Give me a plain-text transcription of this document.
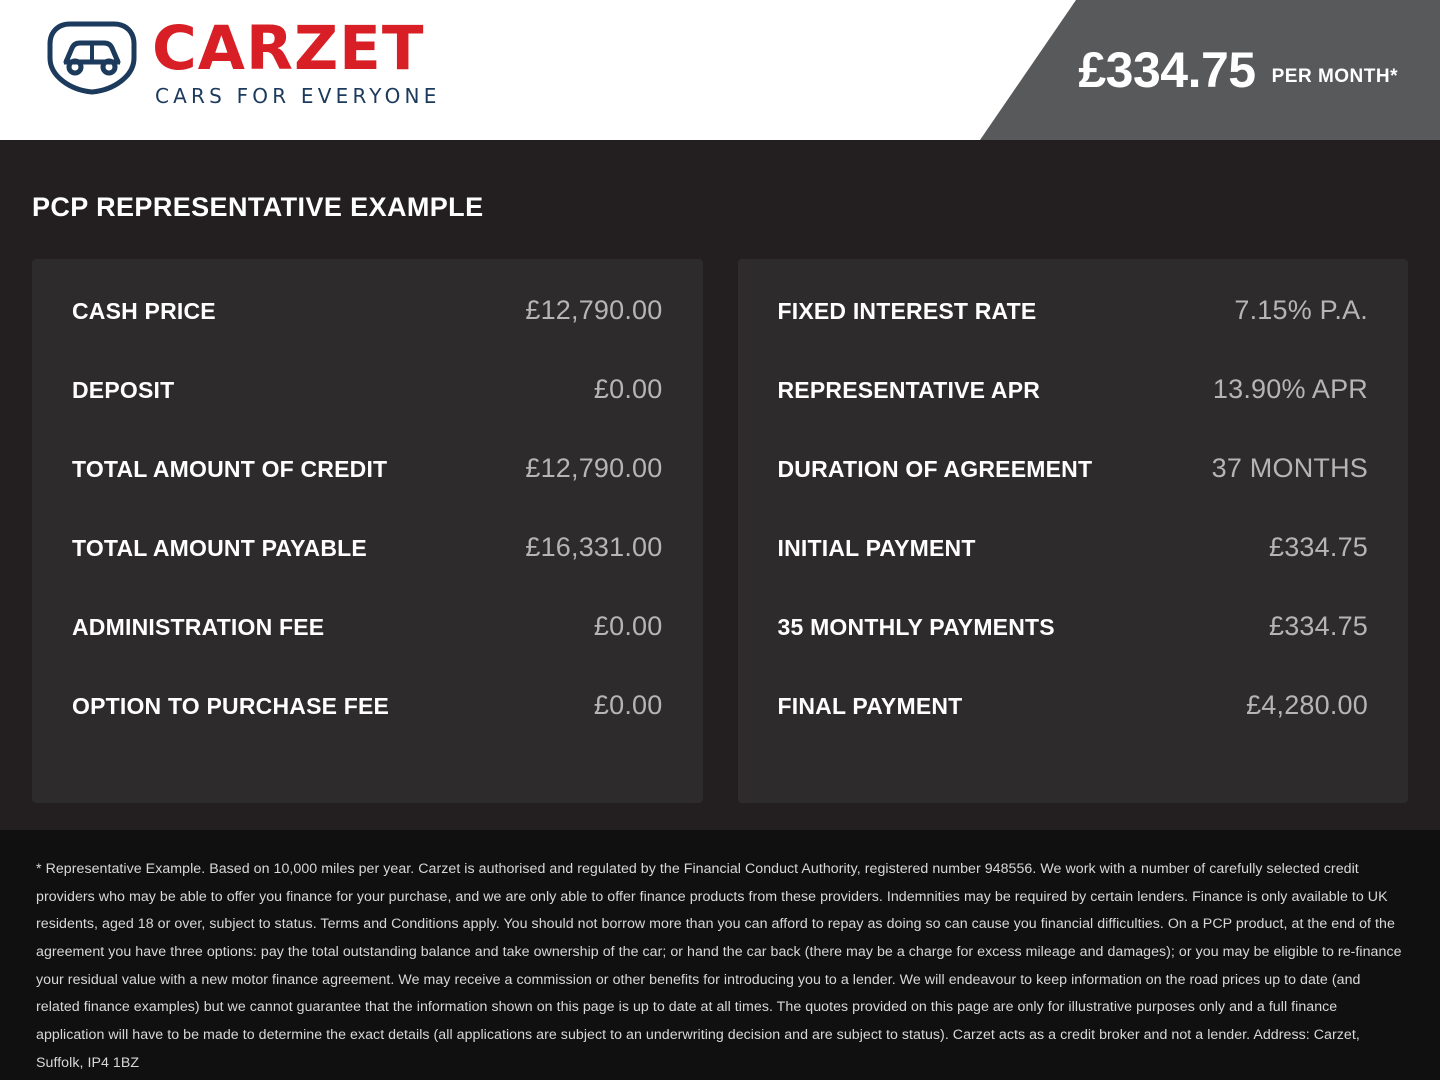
CARZET
CARS FOR EVERYONE	£334.75 PER MONTH*
PCP REPRESENTATIVE EXAMPLE
CASH PRICE	£12,790.00
DEPOSIT	£0.00
TOTAL AMOUNT OF CREDIT	£12,790.00
TOTAL AMOUNT PAYABLE	£16,331.00
ADMINISTRATION FEE	£0.00
OPTION TO PURCHASE FEE	£0.00
FIXED INTEREST RATE	7.15% P.A.
REPRESENTATIVE APR	13.90% APR
DURATION OF AGREEMENT	37 MONTHS
INITIAL PAYMENT	£334.75
35 MONTHLY PAYMENTS	£334.75
FINAL PAYMENT	£4,280.00
* Representative Example. Based on 10,000 miles per year. Carzet is authorised and regulated by the Financial Conduct Authority, registered number 948556. We work with a number of carefully selected credit providers who may be able to offer you finance for your purchase, and we are only able to offer finance products from these providers. Indemnities may be required by certain lenders. Finance is only available to UK residents, aged 18 or over, subject to status. Terms and Conditions apply. You should not borrow more than you can afford to repay as doing so can cause you financial difficulties. On a PCP product, at the end of the agreement you have three options: pay the total outstanding balance and take ownership of the car; or hand the car back (there may be a charge for excess mileage and damages); or you may be eligible to re-finance your residual value with a new motor finance agreement. We may receive a commission or other benefits for introducing you to a lender. We will endeavour to keep information on the road prices up to date (and related finance examples) but we cannot guarantee that the information shown on this page is up to date at all times. The quotes provided on this page are only for illustrative purposes only and a full finance application will have to be made to determine the exact details (all applications are subject to an underwriting decision and are subject to status). Carzet acts as a credit broker and not a lender. Address: Carzet, Suffolk, IP4 1BZ
